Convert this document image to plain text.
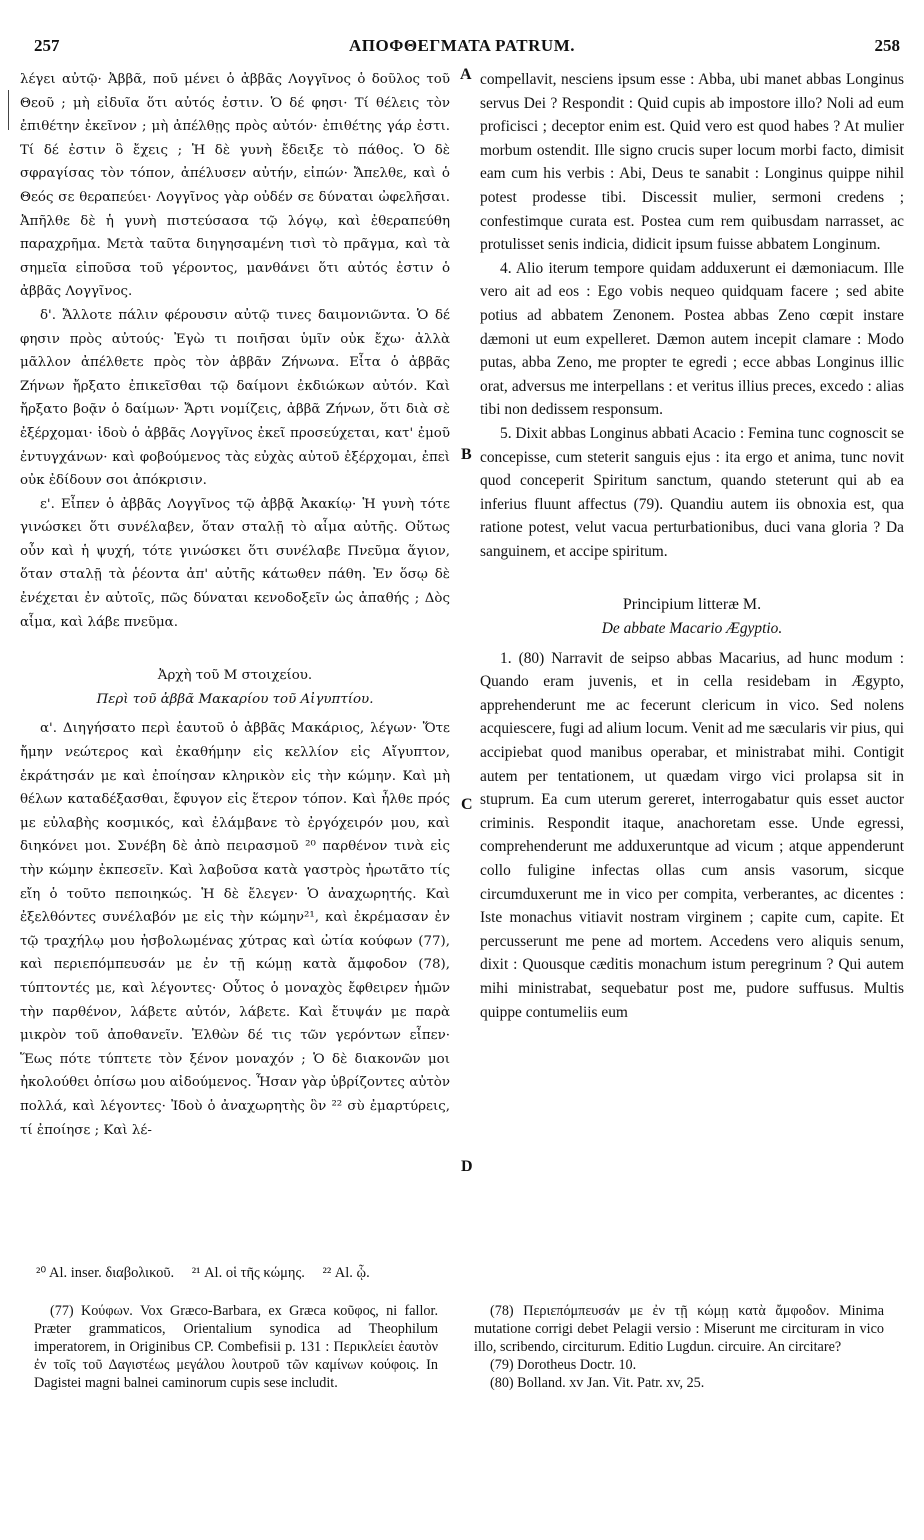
257	ΑΠΟΦΘΕΓΜΑΤΑ PATRUM.	258
A
B
C
D

λέγει αὐτῷ· Ἀββᾶ, ποῦ μένει ὁ ἀββᾶς Λογγῖνος ὁ δοῦλος τοῦ Θεοῦ ; μὴ εἰδυῖα ὅτι αὐτός ἐστιν. Ὁ δέ φησι· Τί θέλεις τὸν ἐπιθέτην ἐκεῖνον ; μὴ ἀπέλθῃς πρὸς αὐτόν· ἐπιθέτης γάρ ἐστι. Τί δέ ἐστιν ὃ ἔχεις ; Ἡ δὲ γυνὴ ἔδειξε τὸ πάθος. Ὁ δὲ σφραγίσας τὸν τόπον, ἀπέλυσεν αὐτήν, εἰπών· Ἄπελθε, καὶ ὁ Θεός σε θεραπεύει· Λογγῖνος γὰρ οὐδέν σε δύναται ὠφελῆσαι. Ἀπῆλθε δὲ ἡ γυνὴ πιστεύσασα τῷ λόγῳ, καὶ ἐθεραπεύθη παραχρῆμα. Μετὰ ταῦτα διηγησαμένη τισὶ τὸ πρᾶγμα, καὶ τὰ σημεῖα εἰποῦσα τοῦ γέροντος, μανθάνει ὅτι αὐτός ἐστιν ὁ ἀββᾶς Λογγῖνος.

δ'. Ἄλλοτε πάλιν φέρουσιν αὐτῷ τινες δαιμονιῶντα. Ὁ δέ φησιν πρὸς αὐτούς· Ἐγὼ τι ποιῆσαι ὑμῖν οὐκ ἔχω· ἀλλὰ μᾶλλον ἀπέλθετε πρὸς τὸν ἀββᾶν Ζήνωνα. Εἶτα ὁ ἀββᾶς Ζήνων ἤρξατο ἐπικεῖσθαι τῷ δαίμονι ἐκδιώκων αὐτόν. Καὶ ἤρξατο βοᾷν ὁ δαίμων· Ἄρτι νομίζεις, ἀββᾶ Ζήνων, ὅτι διὰ σὲ ἐξέρχομαι· ἰδοὺ ὁ ἀββᾶς Λογγῖνος ἐκεῖ προσεύχεται, κατ' ἐμοῦ ἐντυγχάνων· καὶ φοβούμενος τὰς εὐχὰς αὐτοῦ ἐξέρχομαι, ἐπεὶ οὐκ ἐδίδουν σοι ἀπόκρισιν.

ε'. Εἶπεν ὁ ἀββᾶς Λογγῖνος τῷ ἀββᾷ Ἀκακίῳ· Ἡ γυνὴ τότε γινώσκει ὅτι συνέλαβεν, ὅταν σταλῇ τὸ αἷμα αὐτῆς. Οὕτως οὖν καὶ ἡ ψυχή, τότε γινώσκει ὅτι συνέλαβε Πνεῦμα ἅγιον, ὅταν σταλῇ τὰ ῥέοντα ἀπ' αὐτῆς κάτωθεν πάθη. Ἐν ὅσῳ δὲ ἐνέχεται ἐν αὐτοῖς, πῶς δύναται κενοδοξεῖν ὡς ἀπαθής ; Δὸς αἷμα, καὶ λάβε πνεῦμα.

Ἀρχὴ τοῦ Μ στοιχείου.

Περὶ τοῦ ἀββᾶ Μακαρίου τοῦ Αἰγυπτίου.

α'. Διηγήσατο περὶ ἑαυτοῦ ὁ ἀββᾶς Μακάριος, λέγων· Ὅτε ἤμην νεώτερος καὶ ἐκαθήμην εἰς κελλίον εἰς Αἴγυπτον, ἐκράτησάν με καὶ ἐποίησαν κληρικὸν εἰς τὴν κώμην. Καὶ μὴ θέλων καταδέξασθαι, ἔφυγον εἰς ἕτερον τόπον. Καὶ ἦλθε πρός με εὐλαβὴς κοσμικός, καὶ ἐλάμβανε τὸ ἐργόχειρόν μου, καὶ διηκόνει μοι. Συνέβη δὲ ἀπὸ πειρασμοῦ ²⁰ παρθένον τινὰ εἰς τὴν κώμην ἐκπεσεῖν. Καὶ λαβοῦσα κατὰ γαστρὸς ἠρωτᾶτο τίς εἴη ὁ τοῦτο πεποιηκώς. Ἡ δὲ ἔλεγεν· Ὁ ἀναχωρητής. Καὶ ἐξελθόντες συνέλαβόν με εἰς τὴν κώμην²¹, καὶ ἐκρέμασαν ἐν τῷ τραχήλῳ μου ἠσβολωμένας χύτρας καὶ ὠτία κούφων (77), καὶ περιεπόμπευσάν με ἐν τῇ κώμῃ κατὰ ἄμφοδον (78), τύπτοντές με, καὶ λέγοντες· Οὗτος ὁ μοναχὸς ἔφθειρεν ἡμῶν τὴν παρθένον, λάβετε αὐτόν, λάβετε. Καὶ ἔτυψάν με παρὰ μικρὸν τοῦ ἀποθανεῖν. Ἐλθὼν δέ τις τῶν γερόντων εἶπεν· Ἕως πότε τύπτετε τὸν ξένον μοναχόν ; Ὁ δὲ διακονῶν μοι ἠκολούθει ὀπίσω μου αἰδούμενος. Ἦσαν γὰρ ὑβρίζοντες αὐτὸν πολλά, καὶ λέγοντες· Ἰδοὺ ὁ ἀναχωρητὴς ὃν ²² σὺ ἐμαρτύρεις, τί ἐποίησε ; Καὶ λέ-

compellavit, nesciens ipsum esse : Abba, ubi manet abbas Longinus servus Dei ? Respondit : Quid cupis ab impostore illo? Noli ad eum proficisci ; deceptor enim est. Quid vero est quod habes ? At mulier morbum ostendit. Ille signo crucis super locum morbi facto, dimisit eam cum his verbis : Abi, Deus te sanabit : Longinus quippe nihil potest prodesse tibi. Discessit mulier, sermoni credens ; confestimque curata est. Postea cum rem quibusdam narrasset, ac protulisset senis indicia, didicit ipsum fuisse abbatem Longinum.

4. Alio iterum tempore quidam adduxerunt ei dæmoniacum. Ille vero ait ad eos : Ego vobis nequeo quidquam facere ; sed abite potius ad abbatem Zenonem. Postea abbas Zeno cœpit instare dæmoni ut eum expelleret. Dæmon autem incepit clamare : Modo putas, abba Zeno, me propter te egredi ; ecce abbas Longinus illic orat, adversus me interpellans : et veritus illius preces, excedo : alias tibi non dedissem responsum.

5. Dixit abbas Longinus abbati Acacio : Femina tunc cognoscit se concepisse, cum steterit sanguis ejus : ita ergo et anima, tunc novit quod conceperit Spiritum sanctum, quando steterunt qui ab ea inferius fluunt affectus (79). Quandiu autem iis obnoxia est, qua ratione potest, velut vacua perturbationibus, duci vana gloria ? Da sanguinem, et accipe spiritum.

Principium litteræ M.

De abbate Macario Ægyptio.

1. (80) Narravit de seipso abbas Macarius, ad hunc modum : Quando eram juvenis, et in cella residebam in Ægypto, apprehenderunt me ac fecerunt clericum in vico. Sed nolens acquiescere, fugi ad alium locum. Venit ad me sæcularis vir pius, qui accipiebat quod manibus operabar, et ministrabat mihi. Contigit autem per tentationem, ut quædam virgo vici prolapsa sit in stuprum. Ea cum uterum gereret, interrogabatur quis esset auctor criminis. Respondit itaque, anachoretam esse. Unde egressi, comprehenderunt me adduxeruntque ad vicum ; atque appenderunt collo fuligine infectas ollas cum ansis vasorum, sicque circumduxerunt me in vico per compita, verberantes, ac dicentes : Iste monachus vitiavit nostram virginem ; capite cum, capite. Et percusserunt me pene ad mortem. Accedens vero aliquis senum, dixit : Quousque cæditis monachum istum peregrinum ? Qui autem mihi ministrabat, sequebatur post me, pudore suffusus. Multis quippe contumeliis eum

²⁰ Al. inser. διαβολικοῦ. ²¹ Al. οἱ τῆς κώμης. ²² Al. ᾧ.

(77) Κούφων. Vox Græco-Barbara, ex Græca κοῦφος, ni fallor. Præter grammaticos, Orientalium synodica ad Theophilum imperatorem, in Originibus CP. Combefisii p. 131 : Περικλείει ἑαυτὸν ἐν τοῖς τοῦ Δαγιστέως μεγάλου λουτροῦ τῶν καμίνων κούφοις. In Dagistei magni balnei caminorum cupis sese includit.

(78) Περιεπόμπευσάν με ἐν τῇ κώμῃ κατὰ ἄμφοδον. Minima mutatione corrigi debet Pelagii versio : Miserunt me circituram in vico illo, scribendo, circiturum. Editio Lugdun. circuire. An circitare?

(79) Dorotheus Doctr. 10.

(80) Bolland. xv Jan. Vit. Patr. xv, 25.
